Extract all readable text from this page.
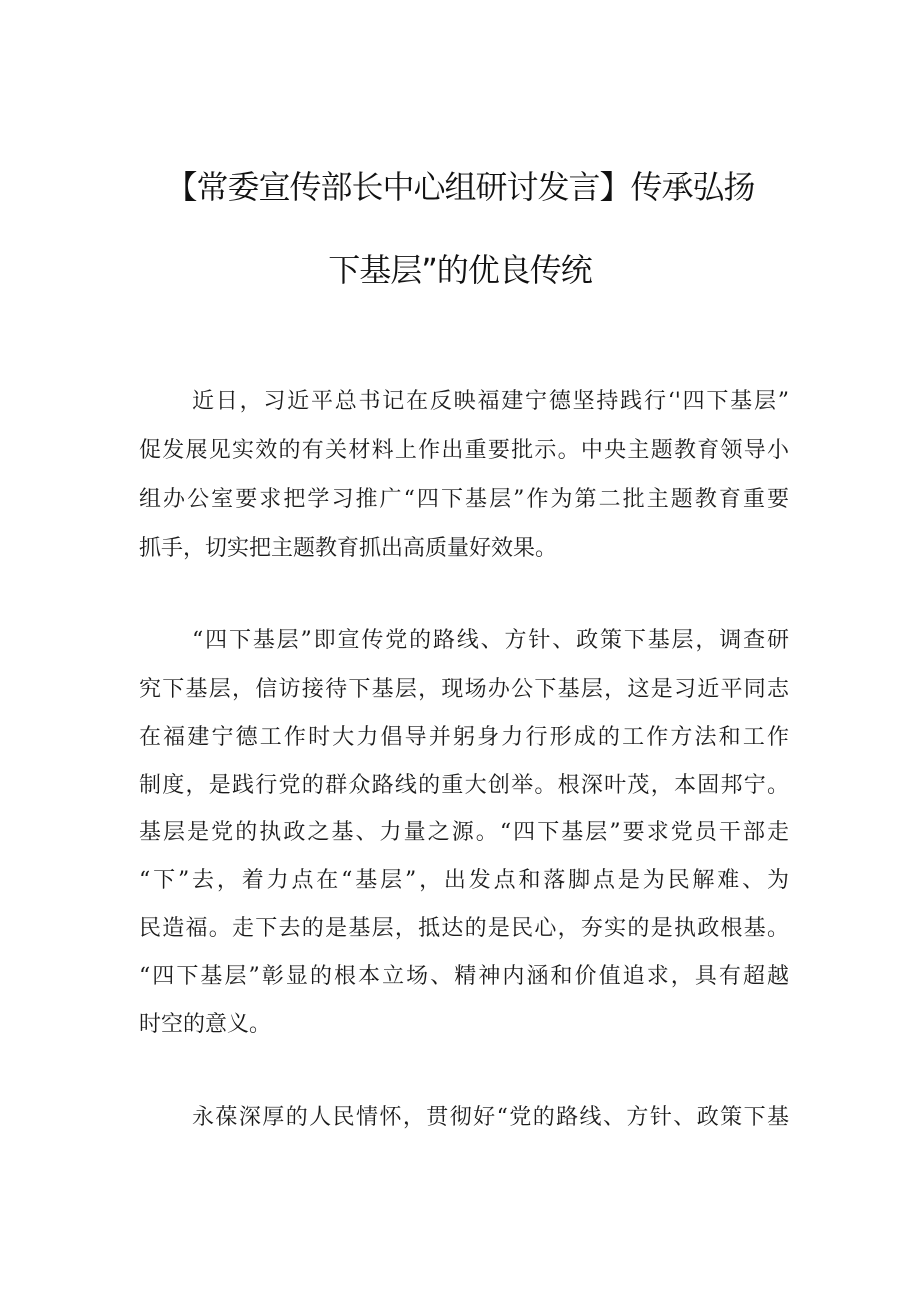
【常委宣传部长中心组研讨发言】传承弘扬
下基层”的优良传统
近日，习近平总书记在反映福建宁德坚持践行‘'四下基层”
促发展见实效的有关材料上作出重要批示。中央主题教育领导小
组办公室要求把学习推广“四下基层”作为第二批主题教育重要
抓手，切实把主题教育抓出高质量好效果。
“四下基层”即宣传党的路线、方针、政策下基层，调查研
究下基层，信访接待下基层，现场办公下基层，这是习近平同志
在福建宁德工作时大力倡导并躬身力行形成的工作方法和工作
制度，是践行党的群众路线的重大创举。根深叶茂，本固邦宁。
基层是党的执政之基、力量之源。“四下基层”要求党员干部走
“下”去，着力点在“基层”，出发点和落脚点是为民解难、为
民造福。走下去的是基层，抵达的是民心，夯实的是执政根基。
“四下基层”彰显的根本立场、精神内涵和价值追求，具有超越
时空的意义。
永葆深厚的人民情怀，贯彻好“党的路线、方针、政策下基
